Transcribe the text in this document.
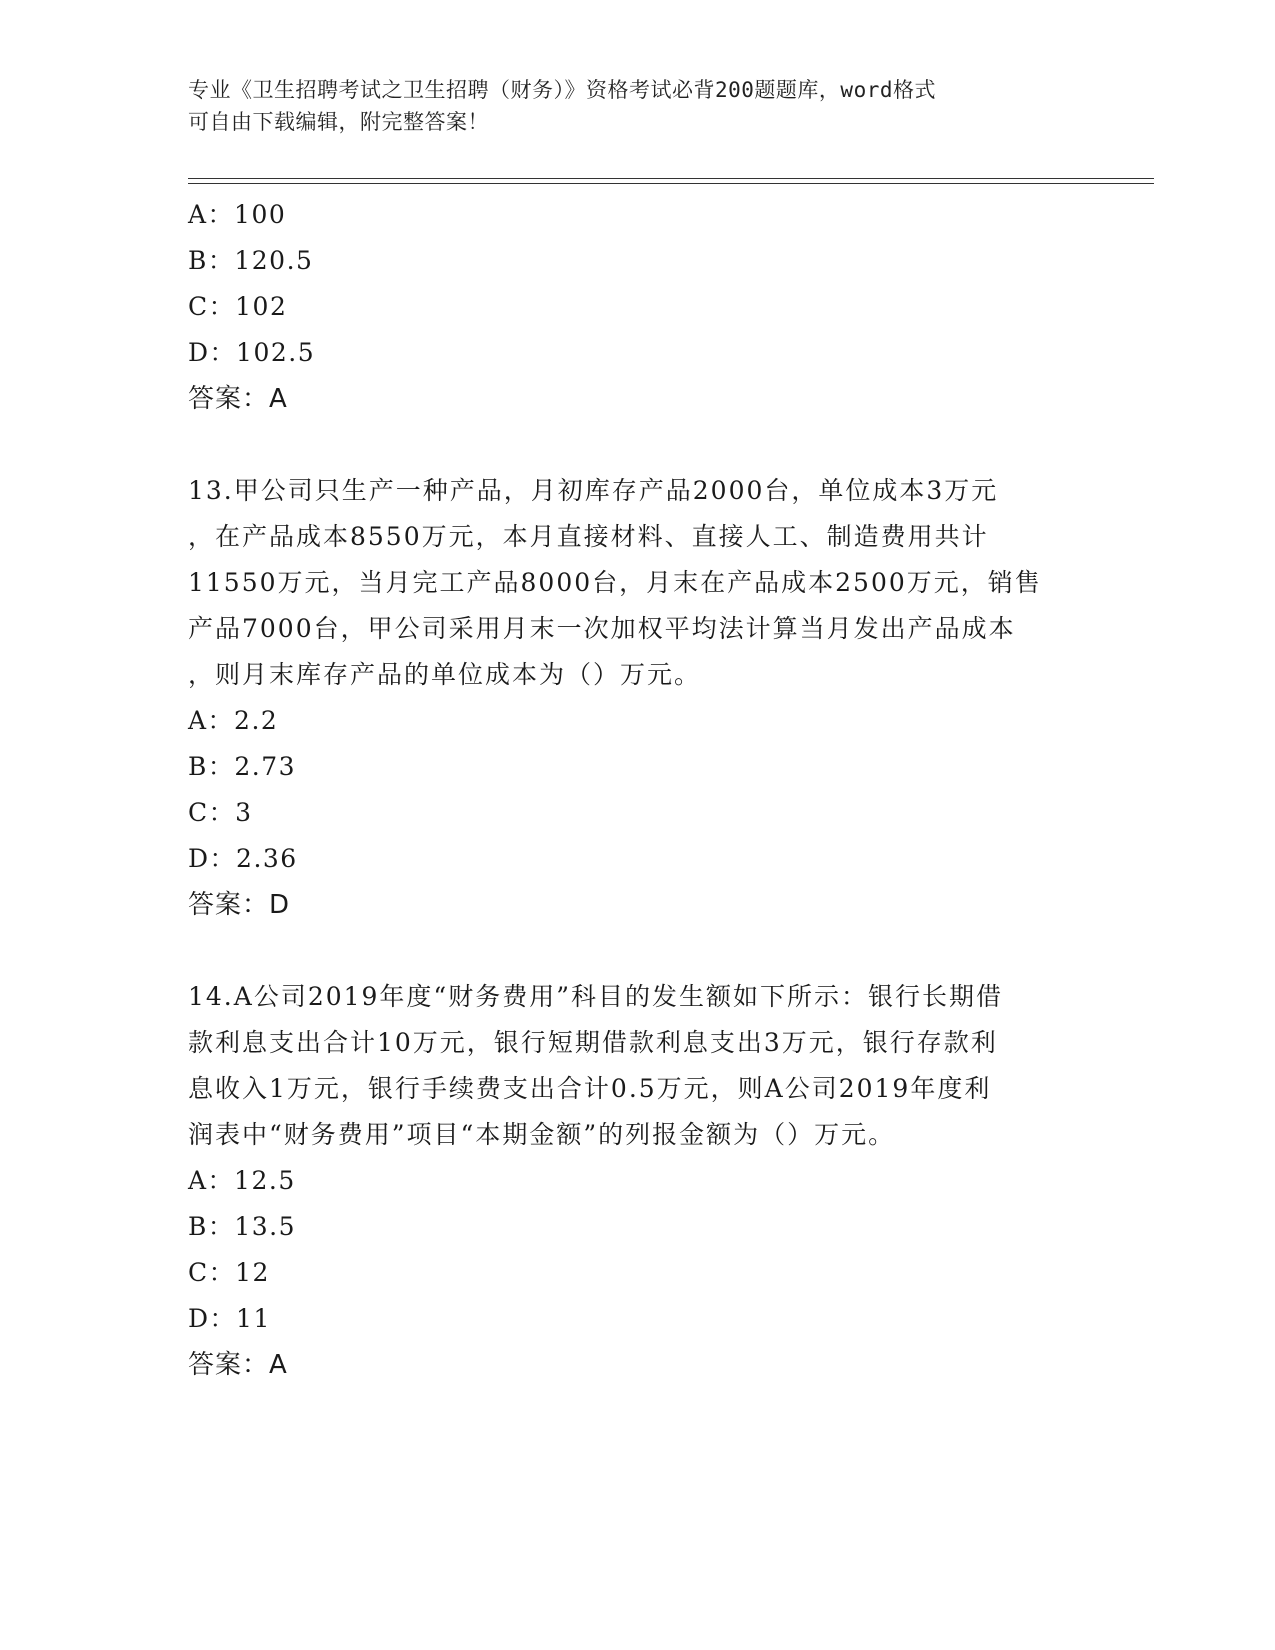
专业《卫生招聘考试之卫生招聘（财务）》资格考试必背200题题库，word格式
可自由下载编辑，附完整答案！
A：100
B：120.5
C：102
D：102.5
答案：A
13.甲公司只生产一种产品，月初库存产品2000台，单位成本3万元
，在产品成本8550万元，本月直接材料、直接人工、制造费用共计
11550万元，当月完工产品8000台，月末在产品成本2500万元，销售
产品7000台，甲公司采用月末一次加权平均法计算当月发出产品成本
，则月末库存产品的单位成本为（）万元。
A：2.2
B：2.73
C：3
D：2.36
答案：D
14.A公司2019年度“财务费用”科目的发生额如下所示：银行长期借
款利息支出合计10万元，银行短期借款利息支出3万元，银行存款利
息收入1万元，银行手续费支出合计0.5万元，则A公司2019年度利
润表中“财务费用”项目“本期金额”的列报金额为（）万元。
A：12.5
B：13.5
C：12
D：11
答案：A
